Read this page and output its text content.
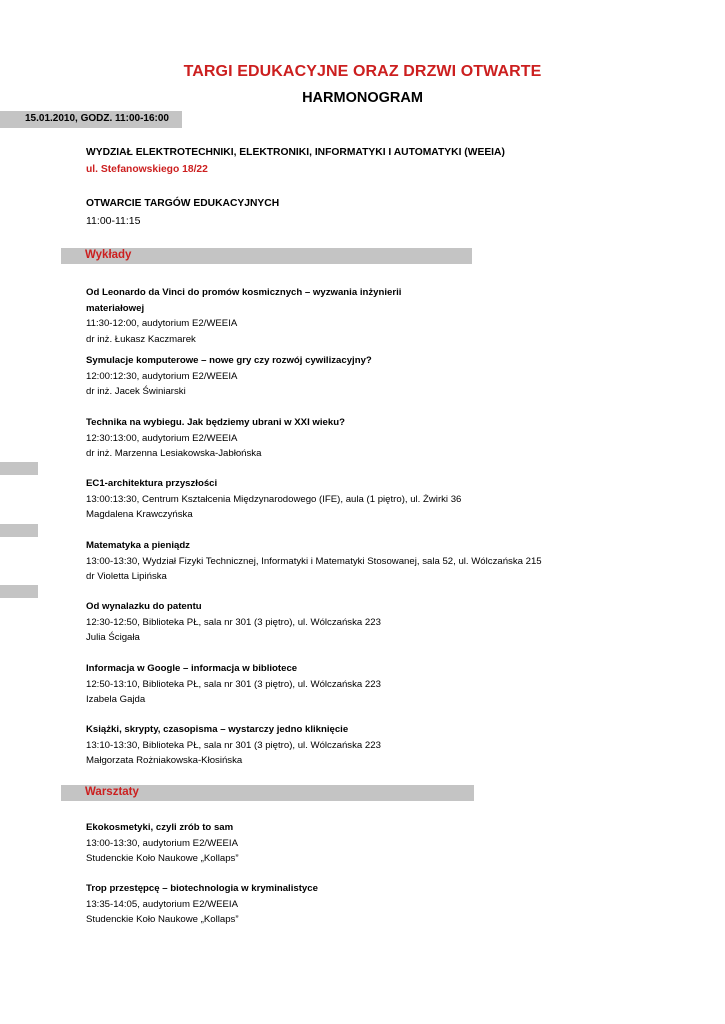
TARGI EDUKACYJNE ORAZ DRZWI OTWARTE
HARMONOGRAM
15.01.2010, GODZ. 11:00-16:00
WYDZIAŁ ELEKTROTECHNIKI, ELEKTRONIKI, INFORMATYKI I AUTOMATYKI (WEEIA)
ul. Stefanowskiego 18/22
OTWARCIE TARGÓW EDUKACYJNYCH
11:00-11:15
Wykłady
Od Leonardo da Vinci do promów kosmicznych – wyzwania inżynierii
materiałowej
11:30-12:00, audytorium E2/WEEIA
dr inż. Łukasz Kaczmarek
Symulacje komputerowe – nowe gry czy rozwój cywilizacyjny?
12:00:12:30, audytorium E2/WEEIA
dr inż. Jacek Świniarski
Technika na wybiegu. Jak będziemy ubrani w XXI wieku?
12:30:13:00, audytorium E2/WEEIA
dr inż. Marzenna Lesiakowska-Jabłońska
EC1-architektura przyszłości
13:00:13:30, Centrum Kształcenia Międzynarodowego (IFE), aula (1 piętro), ul. Żwirki 36
Magdalena Krawczyńska
Matematyka a pieniądz
13:00-13:30, Wydział Fizyki Technicznej, Informatyki i Matematyki Stosowanej, sala 52, ul. Wólczańska 215
dr Violetta Lipińska
Od wynalazku do patentu
12:30-12:50, Biblioteka PŁ, sala nr 301 (3 piętro), ul. Wólczańska 223
Julia Ścigała
Informacja w Google – informacja w bibliotece
12:50-13:10, Biblioteka PŁ, sala nr 301 (3 piętro), ul. Wólczańska 223
Izabela Gajda
Książki, skrypty, czasopisma – wystarczy jedno kliknięcie
13:10-13:30, Biblioteka PŁ, sala nr 301 (3 piętro), ul. Wólczańska 223
Małgorzata Rożniakowska-Kłosińska
Warsztaty
Ekokosmetyki, czyli zrób to sam
13:00-13:30, audytorium E2/WEEIA
Studenckie Koło Naukowe „Kollaps”
Trop przestępcę – biotechnologia w kryminalistyce
13:35-14:05, audytorium E2/WEEIA
Studenckie Koło Naukowe „Kollaps”
